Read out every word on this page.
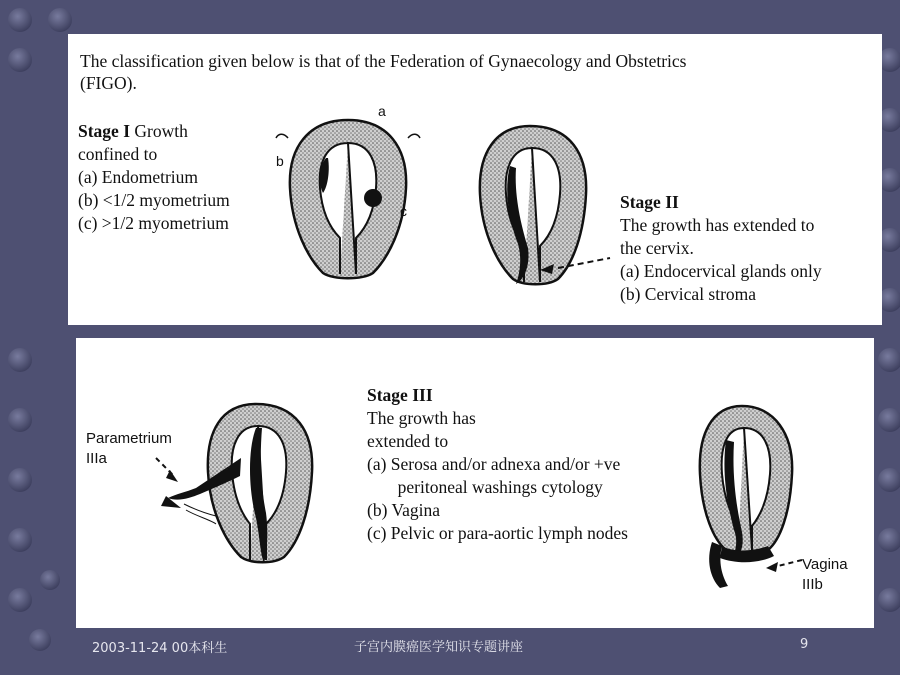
The classification given below is that of the Federation of Gynaecology and Obstetrics
(FIGO).
Stage I Growth
confined to
(a) Endometrium
(b) <1/2 myometrium
(c) >1/2 myometrium
a
b
c	Stage II
The growth has extended to
the cervix.
(a) Endocervical glands only
(b) Cervical stroma
Parametrium
IIIa
Stage III
The growth has
extended to
(a) Serosa and/or adnexa and/or +ve
peritoneal washings cytology
(b) Vagina
(c) Pelvic or para-aortic lymph nodes
Vagina
IIIb
2003-11-24 00本科生	子宫内膜癌医学知识专题讲座	9
